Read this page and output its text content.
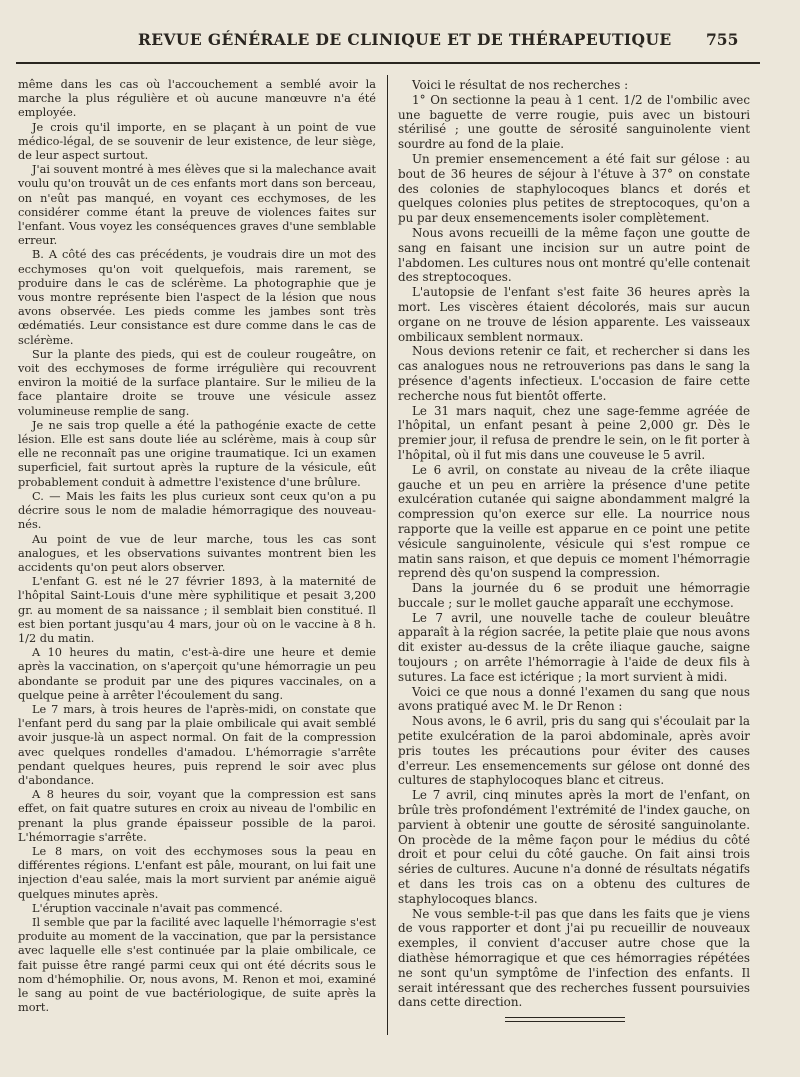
REVUE GÉNÉRALE DE CLINIQUE ET DE THÉRAPEUTIQUE 755

même dans les cas où l'accouchement a semblé avoir la marche la plus régulière et où aucune manœuvre n'a été employée.

Je crois qu'il importe, en se plaçant à un point de vue médico-légal, de se souvenir de leur existence, de leur siège, de leur aspect surtout.

J'ai souvent montré à mes élèves que si la malechance avait voulu qu'on trouvât un de ces enfants mort dans son berceau, on n'eût pas manqué, en voyant ces ecchymoses, de les considérer comme étant la preuve de violences faites sur l'enfant. Vous voyez les conséquences graves d'une semblable erreur.

B. A côté des cas précédents, je voudrais dire un mot des ecchymoses qu'on voit quelquefois, mais rarement, se produire dans le cas de sclérème. La photographie que je vous montre représente bien l'aspect de la lésion que nous avons observée. Les pieds comme les jambes sont très œdématiés. Leur consistance est dure comme dans le cas de sclérème.

Sur la plante des pieds, qui est de couleur rougeâtre, on voit des ecchymoses de forme irrégulière qui recouvrent environ la moitié de la surface plantaire. Sur le milieu de la face plantaire droite se trouve une vésicule assez volumineuse remplie de sang.

Je ne sais trop quelle a été la pathogénie exacte de cette lésion. Elle est sans doute liée au sclérème, mais à coup sûr elle ne reconnaît pas une origine traumatique. Ici un examen superficiel, fait surtout après la rupture de la vésicule, eût probablement conduit à admettre l'existence d'une brûlure.

C. — Mais les faits les plus curieux sont ceux qu'on a pu décrire sous le nom de maladie hémorragique des nouveau-nés.

Au point de vue de leur marche, tous les cas sont analogues, et les observations suivantes montrent bien les accidents qu'on peut alors observer.

L'enfant G. est né le 27 février 1893, à la maternité de l'hôpital Saint-Louis d'une mère syphilitique et pesait 3,200 gr. au moment de sa naissance ; il semblait bien constitué. Il est bien portant jusqu'au 4 mars, jour où on le vaccine à 8 h. 1/2 du matin.

A 10 heures du matin, c'est-à-dire une heure et demie après la vaccination, on s'aperçoit qu'une hémorragie un peu abondante se produit par une des piqures vaccinales, on a quelque peine à arrêter l'écoulement du sang.

Le 7 mars, à trois heures de l'après-midi, on constate que l'enfant perd du sang par la plaie ombilicale qui avait semblé avoir jusque-là un aspect normal. On fait de la compression avec quelques rondelles d'amadou. L'hémorragie s'arrête pendant quelques heures, puis reprend le soir avec plus d'abondance.

A 8 heures du soir, voyant que la compression est sans effet, on fait quatre sutures en croix au niveau de l'ombilic en prenant la plus grande épaisseur possible de la paroi. L'hémorragie s'arrête.

Le 8 mars, on voit des ecchymoses sous la peau en différentes régions. L'enfant est pâle, mourant, on lui fait une injection d'eau salée, mais la mort survient par anémie aiguë quelques minutes après.

L'éruption vaccinale n'avait pas commencé.

Il semble que par la facilité avec laquelle l'hémorragie s'est produite au moment de la vaccination, que par la persistance avec laquelle elle s'est continuée par la plaie ombilicale, ce fait puisse être rangé parmi ceux qui ont été décrits sous le nom d'hémophilie. Or, nous avons, M. Renon et moi, examiné le sang au point de vue bactériologique, de suite après la mort.

Voici le résultat de nos recherches :

1° On sectionne la peau à 1 cent. 1/2 de l'ombilic avec une baguette de verre rougie, puis avec un bistouri stérilisé ; une goutte de sérosité sanguinolente vient sourdre au fond de la plaie.

Un premier ensemencement a été fait sur gélose : au bout de 36 heures de séjour à l'étuve à 37° on constate des colonies de staphylocoques blancs et dorés et quelques colonies plus petites de streptocoques, qu'on a pu par deux ensemencements isoler complètement.

Nous avons recueilli de la même façon une goutte de sang en faisant une incision sur un autre point de l'abdomen. Les cultures nous ont montré qu'elle contenait des streptocoques.

L'autopsie de l'enfant s'est faite 36 heures après la mort. Les viscères étaient décolorés, mais sur aucun organe on ne trouve de lésion apparente. Les vaisseaux ombilicaux semblent normaux.

Nous devions retenir ce fait, et rechercher si dans les cas analogues nous ne retrouverions pas dans le sang la présence d'agents infectieux. L'occasion de faire cette recherche nous fut bientôt offerte.

Le 31 mars naquit, chez une sage-femme agréée de l'hôpital, un enfant pesant à peine 2,000 gr. Dès le premier jour, il refusa de prendre le sein, on le fit porter à l'hôpital, où il fut mis dans une couveuse le 5 avril.

Le 6 avril, on constate au niveau de la crête iliaque gauche et un peu en arrière la présence d'une petite exulcération cutanée qui saigne abondamment malgré la compression qu'on exerce sur elle. La nourrice nous rapporte que la veille est apparue en ce point une petite vésicule sanguinolente, vésicule qui s'est rompue ce matin sans raison, et que depuis ce moment l'hémorragie reprend dès qu'on suspend la compression.

Dans la journée du 6 se produit une hémorragie buccale ; sur le mollet gauche apparaît une ecchymose.

Le 7 avril, une nouvelle tache de couleur bleuâtre apparaît à la région sacrée, la petite plaie que nous avons dit exister au-dessus de la crête iliaque gauche, saigne toujours ; on arrête l'hémorragie à l'aide de deux fils à sutures. La face est ictérique ; la mort survient à midi.

Voici ce que nous a donné l'examen du sang que nous avons pratiqué avec M. le Dr Renon :

Nous avons, le 6 avril, pris du sang qui s'écoulait par la petite exulcération de la paroi abdominale, après avoir pris toutes les précautions pour éviter des causes d'erreur. Les ensemencements sur gélose ont donné des cultures de staphylocoques blanc et citreus.

Le 7 avril, cinq minutes après la mort de l'enfant, on brûle très profondément l'extrémité de l'index gauche, on parvient à obtenir une goutte de sérosité sanguinolante. On procède de la même façon pour le médius du côté droit et pour celui du côté gauche. On fait ainsi trois séries de cultures. Aucune n'a donné de résultats négatifs et dans les trois cas on a obtenu des cultures de staphylocoques blancs.

Ne vous semble-t-il pas que dans les faits que je viens de vous rapporter et dont j'ai pu recueillir de nouveaux exemples, il convient d'accuser autre chose que la diathèse hémorragique et que ces hémorragies répétées ne sont qu'un symptôme de l'infection des enfants. Il serait intéressant que des recherches fussent poursuivies dans cette direction.
